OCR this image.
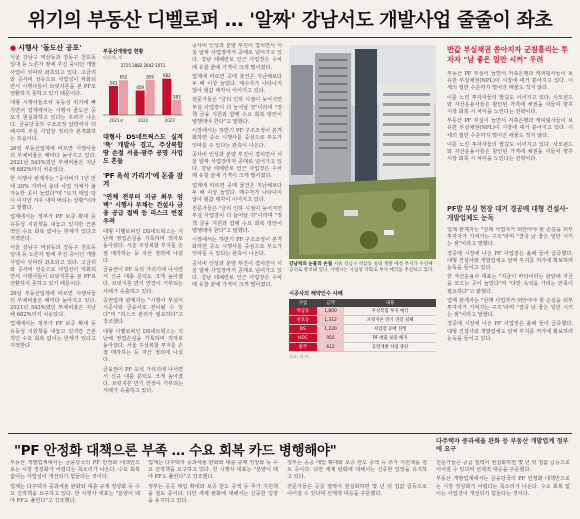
위기의 부동산 디벨로퍼 … '알짜' 강남서도 개발사업 줄줄이 좌초
● 시행사 '돌도산 공포'

서울 강남구 역삼동과 강동구 천호동 일대 등 노른자 땅에 추진 중이던 개발사업이 잇따라 좌초되고 있다. 고금리와 공사비 상승으로 사업성이 악화되면서 시행사들이 브릿지론을 본 PF로 전환하지 못하고 있기 때문이다.

대형 시행사들조차 유동성 위기에 빠지면서 업계에서는 시행사 줄도산 공포가 현실화하고 있다는 우려가 나온다. 금융당국의 구조조정 압박까지 더해지며 부실 사업장 정리가 본격화하는 모습이다.

26일 부동산업계에 따르면 시행사들의 부채비율은 해마다 높아지고 있다. 2021년 543%였던 부채비율은 지난해 682%까지 치솟았다.

한 시행사 관계자는 "공사비가 1년 만에 30% 가까이 올라 사업 자체가 불가능한 곳이 늘었다"며 "토지 매입 당시 이자만 겨우 내며 버티는 상황"이라고 말했다.

업계에서는 정부가 PF 보증 확대 등 유동성 지원책을 내놓고 있지만 근본적인 수요 회복 없이는 한계가 있다고 지적한다.

서울 강남구 역삼동과 강동구 천호동 일대 등 노른자 땅에 추진 중이던 개발사업이 잇따라 좌초되고 있다. 고금리와 공사비 상승으로 사업성이 악화되면서 시행사들이 브릿지론을 본 PF로 전환하지 못하고 있기 때문이다.

26일 부동산업계에 따르면 시행사들의 부채비율은 해마다 높아지고 있다. 2021년 543%였던 부채비율은 지난해 682%까지 치솟았다.

업계에서는 정부가 PF 보증 확대 등 유동성 지원책을 내놓고 있지만 근본적인 수요 회복 없이는 한계가 있다고 지적한다.

부동산개발업 현황
단위:%, 개
543
652
2021년
459
659
2022
682
283
2023
2715 2882 2642 1071
대형사 DS네트웍스도 실적 '뚝' 개발사 겹고, 주상복합 땅 손절 서울·광주 공영 사업도 흔들
'PF 옥석 가리기'에 돈줄 잠겨
"연체 전부터 지금 최우 엄벽" 시행사 부채는 건설사 금융 공급 절벽 등 리스크 번질우려

대형 디벨로퍼인 DS네트웍스는 지난해 영업손실을 기록하며 적자로 돌아섰다. 서울 주상복합 부지를 손절 매각하는 등 자산 정리에 나섰다.

금융권이 PF 옥석 가리기에 나서면서 신규 대출 문턱도 크게 높아졌다. 브릿지론 만기 연장이 거부되는 사례가 속출하고 있다.

증권업계 관계자는 "시행사 부실이 시공사와 금융사로 전이될 수 있다"며 "리스크 관리가 필요하다"고 강조했다.

대형 디벨로퍼인 DS네트웍스는 지난해 영업손실을 기록하며 적자로 돌아섰다. 서울 주상복합 부지를 손절 매각하는 등 자산 정리에 나섰다.

금융권이 PF 옥석 가리기에 나서면서 신규 대출 문턱도 크게 높아졌다. 브릿지론 만기 연장이 거부되는 사례가 속출하고 있다.

공사비 인상과 분양 부진이 겹치면서 서울 알짜 사업장마저 공매로 넘어가고 있다. 강남 테헤란로 인근 사업장은 수차례 유찰 끝에 가격이 크게 떨어졌다.

업계에 따르면 공매 물건은 지난해보다 두 배 이상 늘었다. 매수자가 나타나지 않아 헐값 매각이 이어지고 있다.

전문가들은 "금리 인하 시점이 늦어지면 부실 사업장이 더 늘어날 것"이라며 "정책 금융 지원과 함께 수요 회복 방안이 병행돼야 한다"고 말했다.

시장에서는 하반기 PF 구조조정이 본격화하면 중소 시행사를 중심으로 부도가 잇따를 수 있다는 관측이 나온다.

공사비 인상과 분양 부진이 겹치면서 서울 알짜 사업장마저 공매로 넘어가고 있다. 강남 테헤란로 인근 사업장은 수차례 유찰 끝에 가격이 크게 떨어졌다.

업계에 따르면 공매 물건은 지난해보다 두 배 이상 늘었다. 매수자가 나타나지 않아 헐값 매각이 이어지고 있다.

전문가들은 "금리 인하 시점이 늦어지면 부실 사업장이 더 늘어날 것"이라며 "정책 금융 지원과 함께 수요 회복 방안이 병행돼야 한다"고 말했다.

시장에서는 하반기 PF 구조조정이 본격화하면 중소 시행사를 중심으로 부도가 잇따를 수 있다는 관측이 나온다.

공사비 인상과 분양 부진이 겹치면서 서울 알짜 사업장마저 공매로 넘어가고 있다. 강남 테헤란로 인근 사업장은 수차례 유찰 끝에 가격이 크게 떨어졌다.

강남역의 눈물의 손절 서울 강남구 역삼동 일대 개발 예정 부지가 수년째 공터로 방치돼 있다. 시행사는 사업성 악화로 부지 매각을 추진하고 있다.
시공사의 해약인수 사례
사업	금액	내용
역삼동	1,800	주상복합 부지 매각
천호동	1,312	브릿지론 만기 연장 실패
DS	1,220	사업장 공매 진행
HDC	955	PF 대출 보증 해지
광주	612	공영개발 사업 중단
자료: 각 사
반값 부실채권 쏟아지자 군침흘리는 투자자 "남 좋은 일만 시켜" 우려

부동산 PF 부실이 늘면서 저축은행과 캐피털사들이 보유한 부실채권(NPL)이 시장에 대거 쏟아지고 있다. 시세의 절반 수준까지 떨어진 매물도 적지 않다.

이를 노린 투자자들의 발길도 이어지고 있다. 사모펀드와 자산운용사들은 할인된 가격에 채권을 사들여 향후 시장 회복 시 차익을 노린다는 전략이다.

부동산 PF 부실이 늘면서 저축은행과 캐피털사들이 보유한 부실채권(NPL)이 시장에 대거 쏟아지고 있다. 시세의 절반 수준까지 떨어진 매물도 적지 않다.

이를 노린 투자자들의 발길도 이어지고 있다. 사모펀드와 자산운용사들은 할인된 가격에 채권을 사들여 향후 시장 회복 시 차익을 노린다는 전략이다.

PF발 부실 현장 대거 경공매 대형 건설사·개발업체도 눈독

업계 관계자는 "원래 사업자가 떠안아야 할 손실을 외부 투자자가 가져가는 구조"라며 "결국 남 좋은 일만 시키는 셈"이라고 말했다.

경공매 시장에 나온 PF 사업장은 올해 들어 급증했다. 대형 건설사와 개발업체도 알짜 부지를 저가에 확보하려 눈독을 들이고 있다.

한 자산운용사 대표는 "지금이 바닥이라는 판단에 자금을 모으는 곳이 늘었다"며 "다만 옥석을 가리는 안목이 필요하다"고 밝혔다.

업계 관계자는 "원래 사업자가 떠안아야 할 손실을 외부 투자자가 가져가는 구조"라며 "결국 남 좋은 일만 시키는 셈"이라고 말했다.

경공매 시장에 나온 PF 사업장은 올해 들어 급증했다. 대형 건설사와 개발업체도 알짜 부지를 저가에 확보하려 눈독을 들이고 있다.

"PF 안정화 대책으론 부족 … 수요 회복 카드 병행해야"
다주택자 중과세율 완화 등 부동산 개발업계 정부에 요구

부동산 개발업계에서는 금융당국의 PF 안정화 대책만으로는 시장 정상화가 어렵다는 목소리가 나온다. 수요 회복 없이는 사업성이 개선되기 힘들다는 것이다.

업계는 다주택자 중과세율 완화와 대출 규제 정상화 등 수요 진작책을 요구하고 있다. 한 시행사 대표는 "분양이 돼야 PF도 풀린다"고 강조했다.

업계는 다주택자 중과세율 완화와 대출 규제 정상화 등 수요 진작책을 요구하고 있다. 한 시행사 대표는 "분양이 돼야 PF도 풀린다"고 강조했다.

정부는 공공 매입 확대와 보증 한도 증액 등 추가 지원책을 검토 중이다. 다만 세제 완화에 대해서는 신중한 입장을 유지하고 있다.

정부는 공공 매입 확대와 보증 한도 증액 등 추가 지원책을 검토 중이다. 다만 세제 완화에 대해서는 신중한 입장을 유지하고 있다.

전문가들은 공급 절벽이 현실화하면 몇 년 뒤 집값 급등으로 이어질 수 있다며 선제적 대응을 주문했다.

전문가들은 공급 절벽이 현실화하면 몇 년 뒤 집값 급등으로 이어질 수 있다며 선제적 대응을 주문했다.

부동산 개발업계에서는 금융당국의 PF 안정화 대책만으로는 시장 정상화가 어렵다는 목소리가 나온다. 수요 회복 없이는 사업성이 개선되기 힘들다는 것이다.
